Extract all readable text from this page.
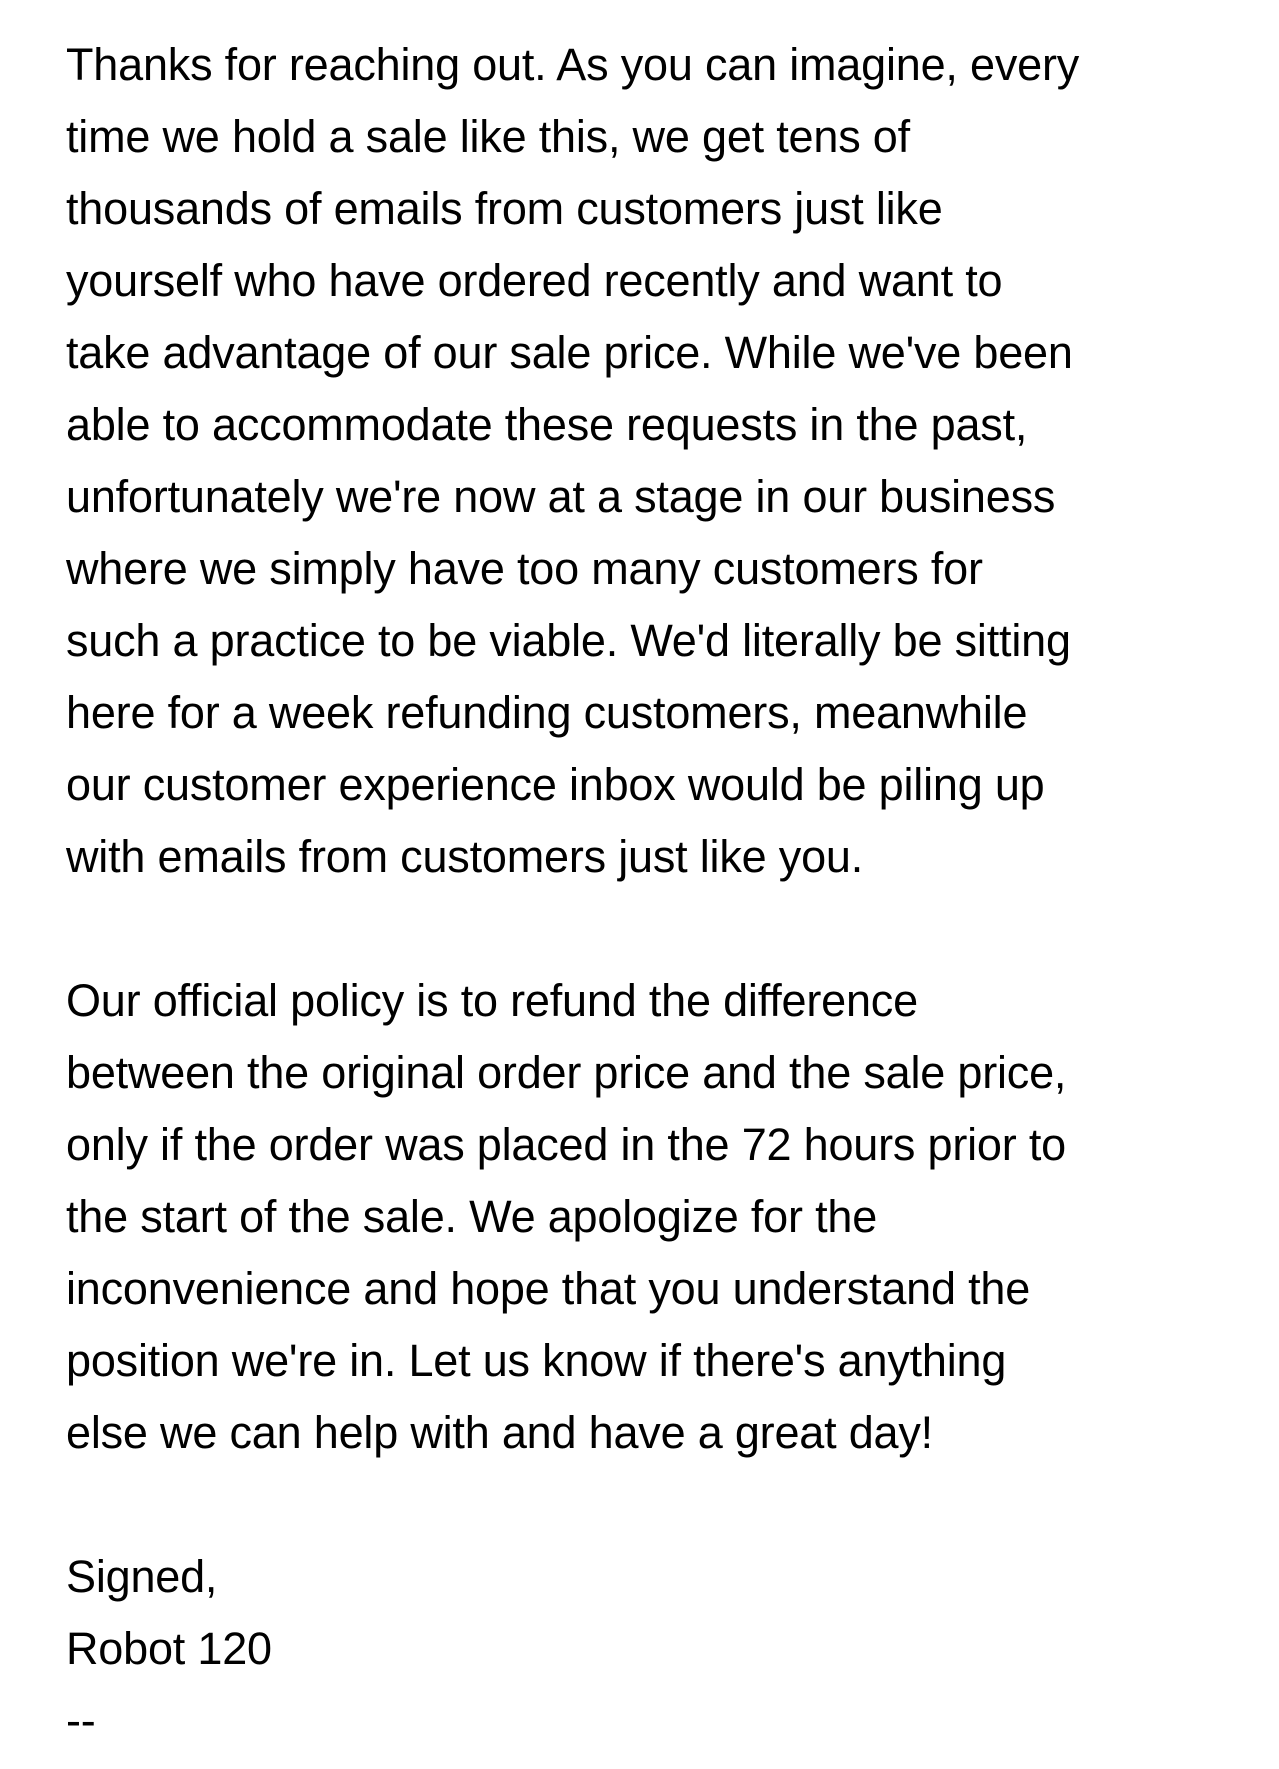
Thanks for reaching out. As you can imagine, every
time we hold a sale like this, we get tens of
thousands of emails from customers just like
yourself who have ordered recently and want to
take advantage of our sale price. While we've been
able to accommodate these requests in the past,
unfortunately we're now at a stage in our business
where we simply have too many customers for
such a practice to be viable. We'd literally be sitting
here for a week refunding customers, meanwhile
our customer experience inbox would be piling up
with emails from customers just like you.
Our official policy is to refund the difference
between the original order price and the sale price,
only if the order was placed in the 72 hours prior to
the start of the sale. We apologize for the
inconvenience and hope that you understand the
position we're in. Let us know if there's anything
else we can help with and have a great day!
Signed,
Robot 120
--
